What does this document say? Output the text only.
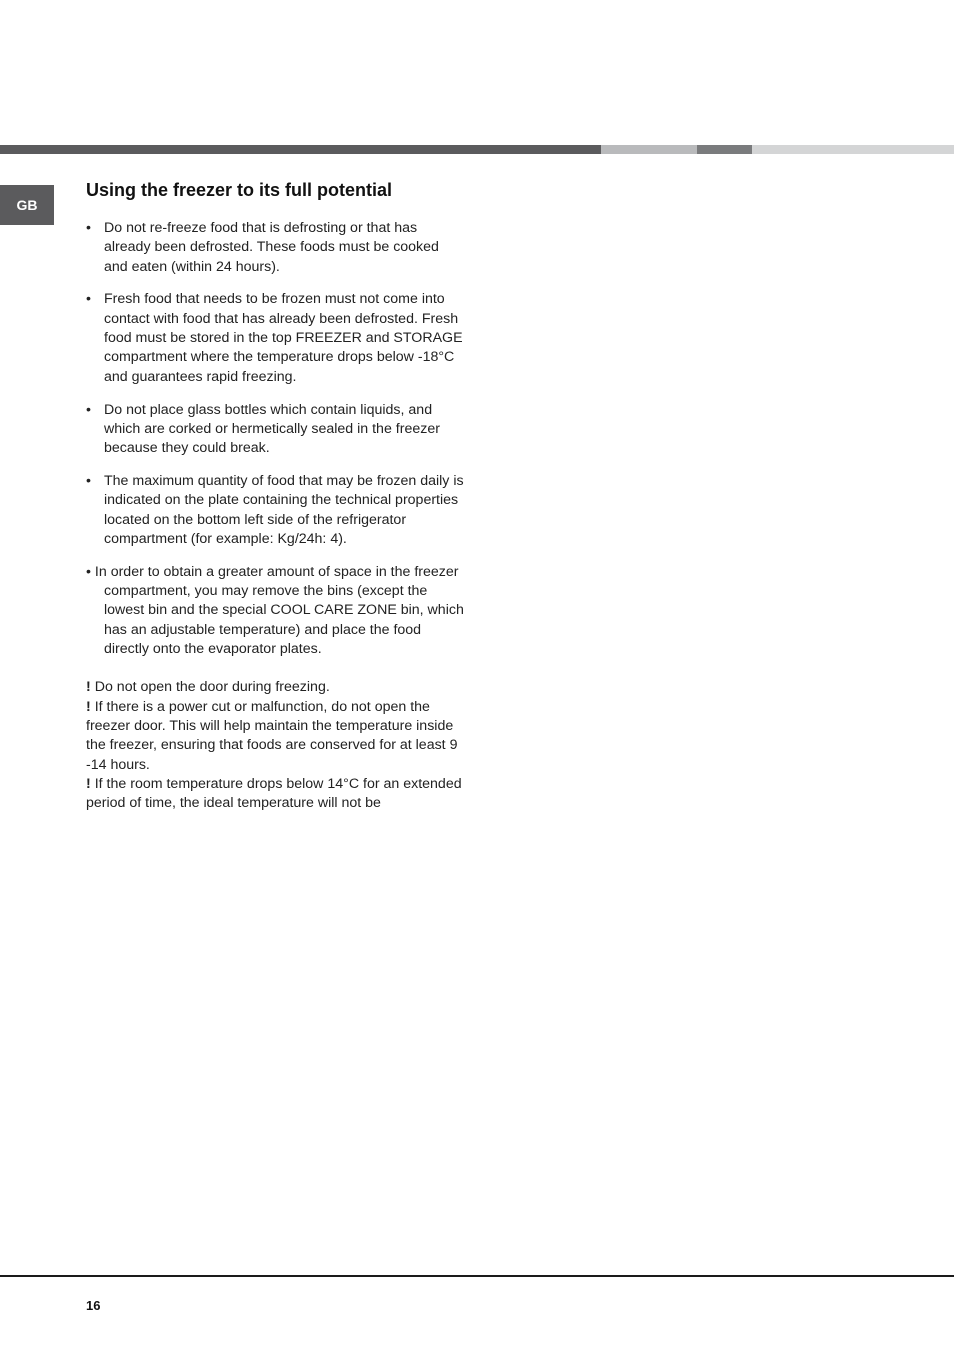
GB
Using the freezer to its full potential

• Do not re-freeze food that is defrosting or that has already been defrosted. These foods must be cooked and eaten (within 24 hours).

• Fresh food that needs to be frozen must not come into contact with food that has already been defrosted. Fresh food must be stored in the top FREEZER and STORAGE compartment where the temperature drops below -18°C and guarantees rapid freezing.

• Do not place glass bottles which contain liquids, and which are corked or hermetically sealed in the freezer because they could break.

• The maximum quantity of food that may be frozen daily is indicated on the plate containing the technical properties located on the bottom left side of the refrigerator compartment (for example: Kg/24h: 4).

• In order to obtain a greater amount of space in the freezer compartment, you may remove the bins (except the lowest bin and the special COOL CARE ZONE bin, which has an adjustable temperature) and place the food directly onto the evaporator plates.

! Do not open the door during freezing.

! If there is a power cut or malfunction, do not open the freezer door. This will help maintain the temperature inside the freezer, ensuring that foods are conserved for at least 9 -14 hours.

! If the room temperature drops below 14°C for an extended period of time, the ideal temperature will not be

16
